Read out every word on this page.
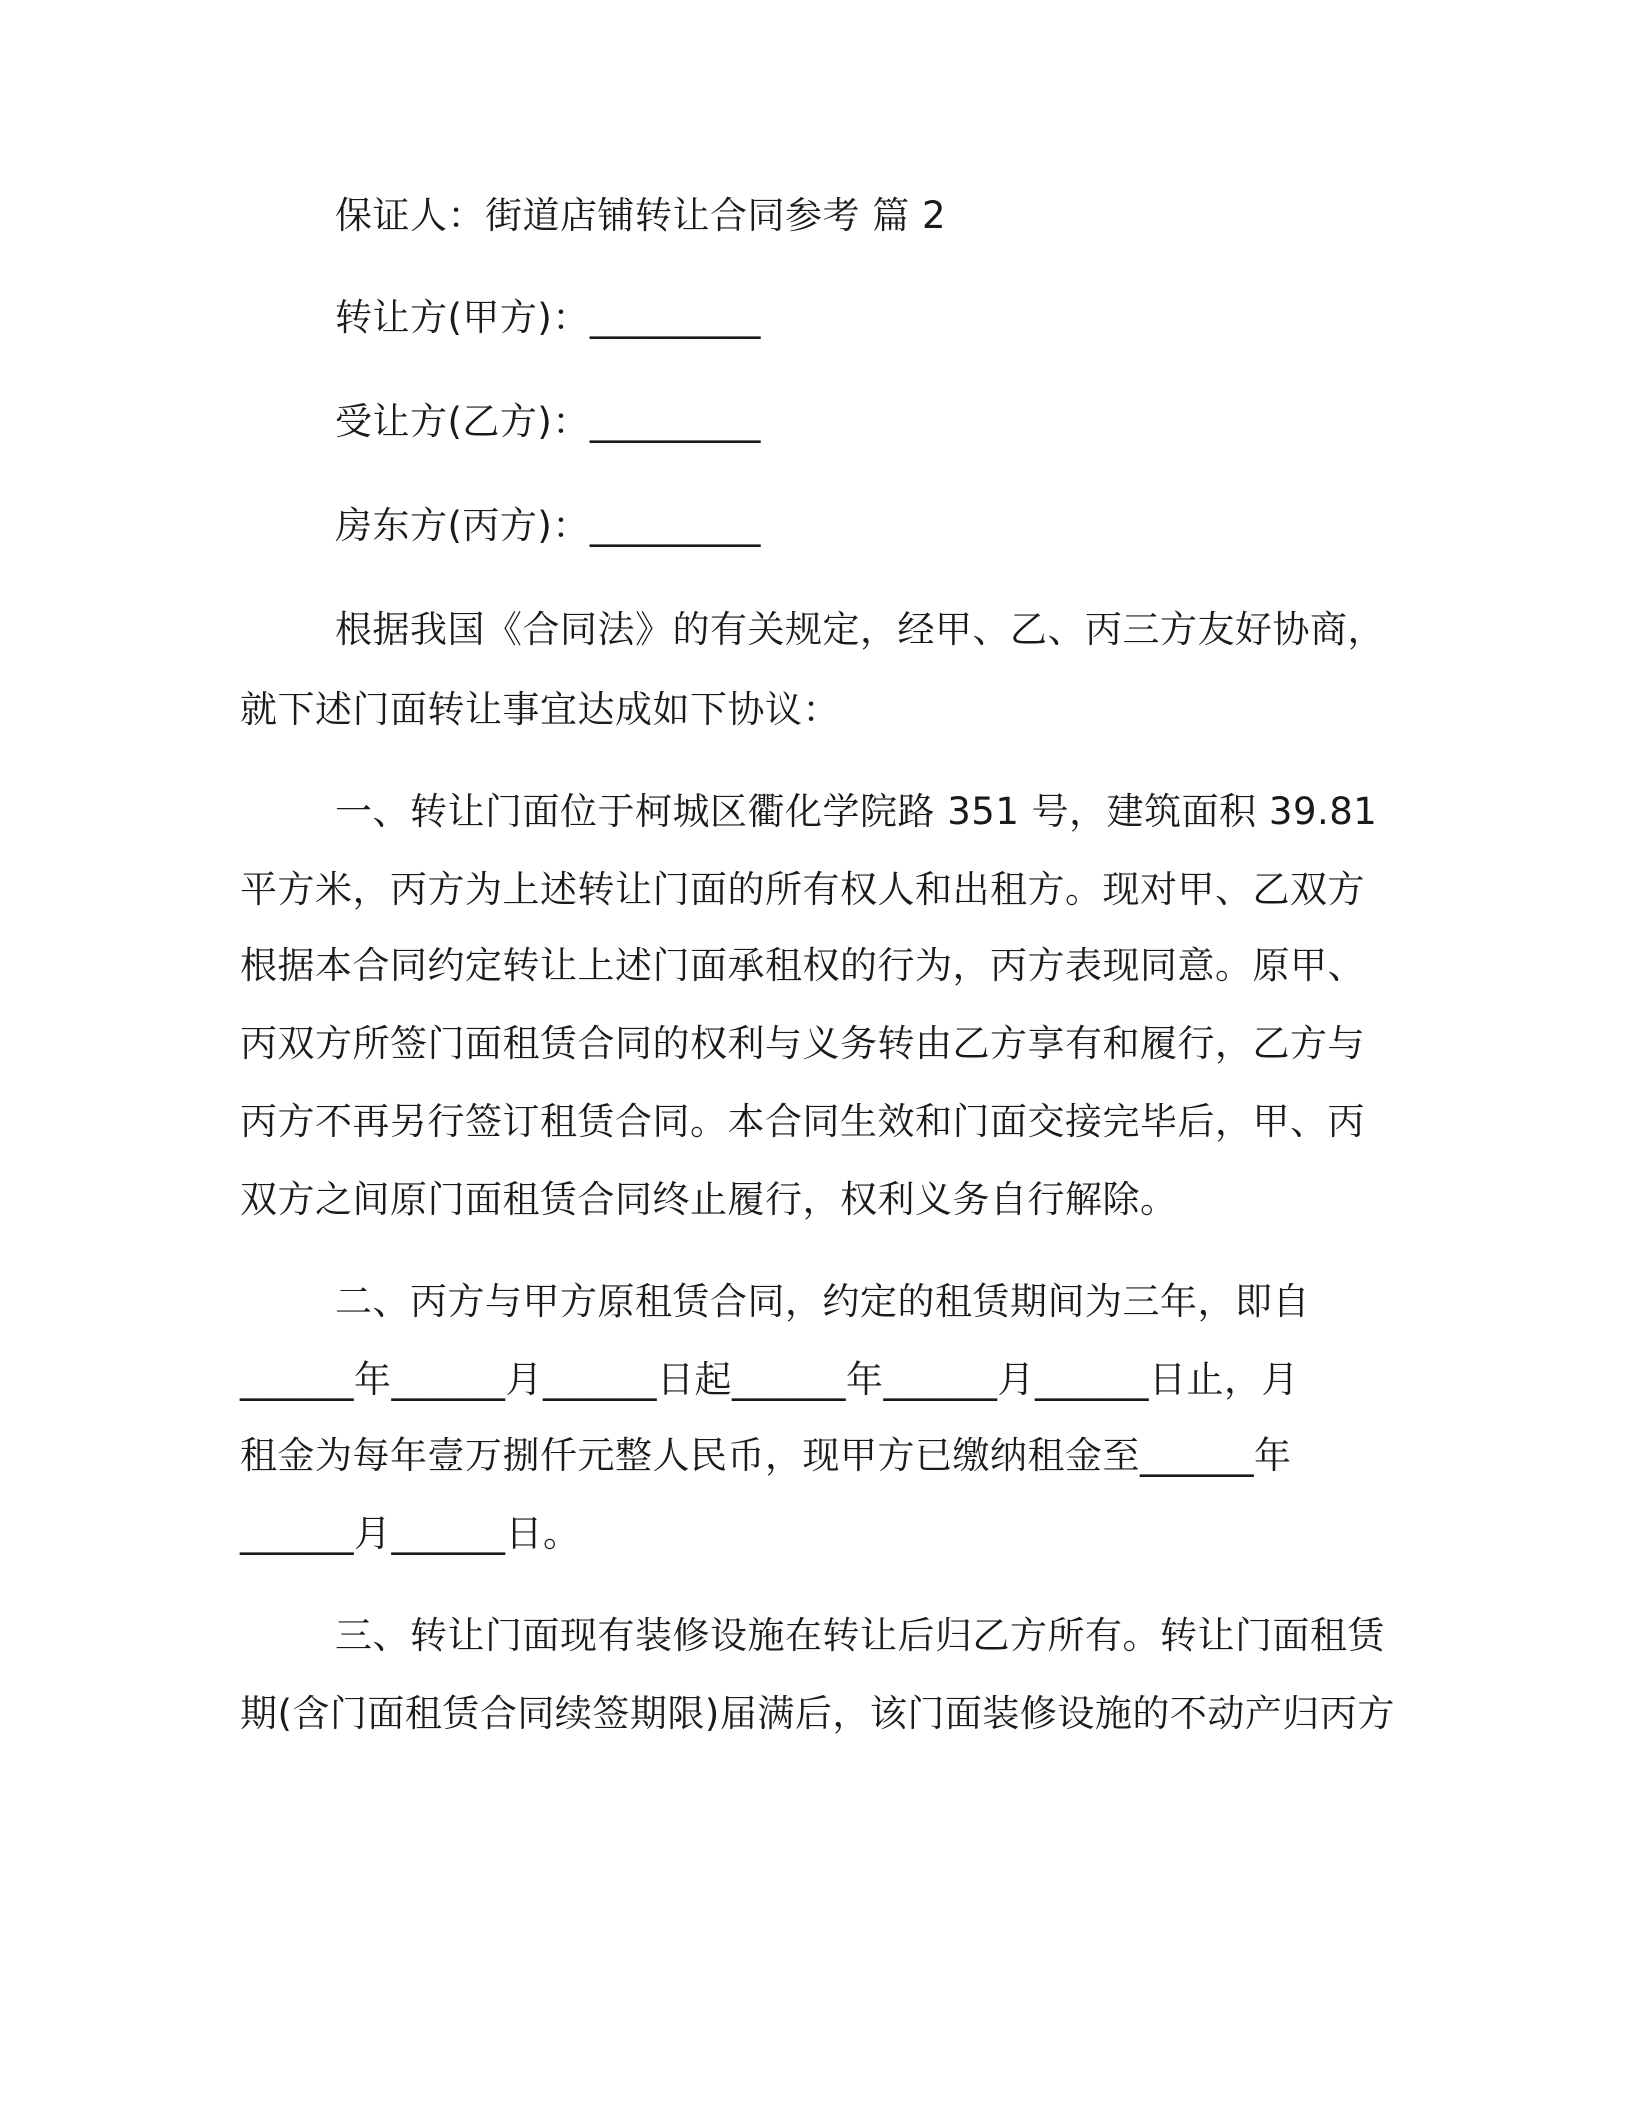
保证人：街道店铺转让合同参考 篇 2
转让方(甲方)：_________
受让方(乙方)：_________
房东方(丙方)：_________
根据我国《合同法》的有关规定，经甲、乙、丙三方友好协商，
就下述门面转让事宜达成如下协议：
一、转让门面位于柯城区衢化学院路 351 号，建筑面积 39.81
平方米，丙方为上述转让门面的所有权人和出租方。现对甲、乙双方
根据本合同约定转让上述门面承租权的行为，丙方表现同意。原甲、
丙双方所签门面租赁合同的权利与义务转由乙方享有和履行，乙方与
丙方不再另行签订租赁合同。本合同生效和门面交接完毕后，甲、丙
双方之间原门面租赁合同终止履行，权利义务自行解除。
二、丙方与甲方原租赁合同，约定的租赁期间为三年，即自
______年______月______日起______年______月______日止，月
租金为每年壹万捌仟元整人民币，现甲方已缴纳租金至______年
______月______日。
三、转让门面现有装修设施在转让后归乙方所有。转让门面租赁
期(含门面租赁合同续签期限)届满后，该门面装修设施的不动产归丙方
